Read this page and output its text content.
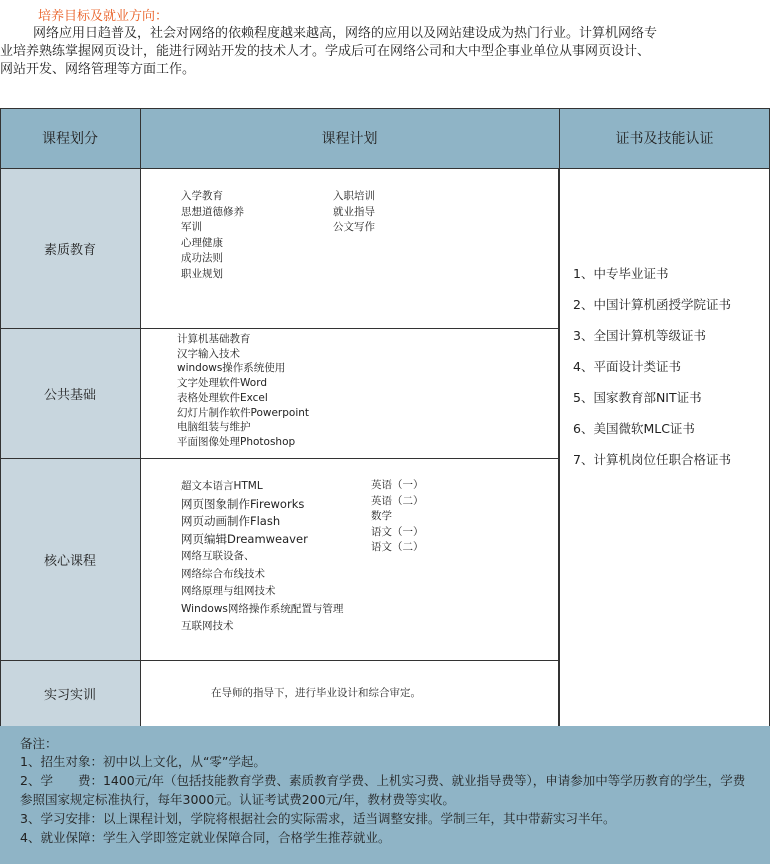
培养目标及就业方向：

网络应用日趋普及，社会对网络的依赖程度越来越高，网络的应用以及网站建设成为热门行业。计算机网络专

业培养熟练掌握网页设计，能进行网站开发的技术人才。学成后可在网络公司和大中型企事业单位从事网页设计、

网站开发、网络管理等方面工作。

课程划分	课程计划	证书及技能认证
素质教育
公共基础
核心课程
实习实训
入学教育
思想道德修养
军训
心理健康
成功法则
职业规划
入职培训
就业指导
公文写作
计算机基础教育
汉字输入技术
windows操作系统使用
文字处理软件Word
表格处理软件Excel
幻灯片制作软件Powerpoint
电脑组装与维护
平面图像处理Photoshop
超文本语言HTML
网页图象制作Fireworks
网页动画制作Flash
网页编辑Dreamweaver
网络互联设备、
网络综合布线技术
网络原理与组网技术
Windows网络操作系统配置与管理
互联网技术
英语（一）
英语（二）
数学
语文（一）
语文（二）
在导师的指导下，进行毕业设计和综合审定。
1、中专毕业证书
2、中国计算机函授学院证书
3、全国计算机等级证书
4、平面设计类证书
5、国家教育部NIT证书
6、美国微软MLC证书
7、计算机岗位任职合格证书
备注：

1、招生对象：初中以上文化，从“零”学起。

2、学　　费：1400元/年（包括技能教育学费、素质教育学费、上机实习费、就业指导费等），申请参加中等学历教育的学生，学费参照国家规定标准执行，每年3000元。认证考试费200元/年，教材费等实收。

3、学习安排：以上课程计划，学院将根据社会的实际需求，适当调整安排。学制三年，其中带薪实习半年。

4、就业保障：学生入学即签定就业保障合同，合格学生推荐就业。
